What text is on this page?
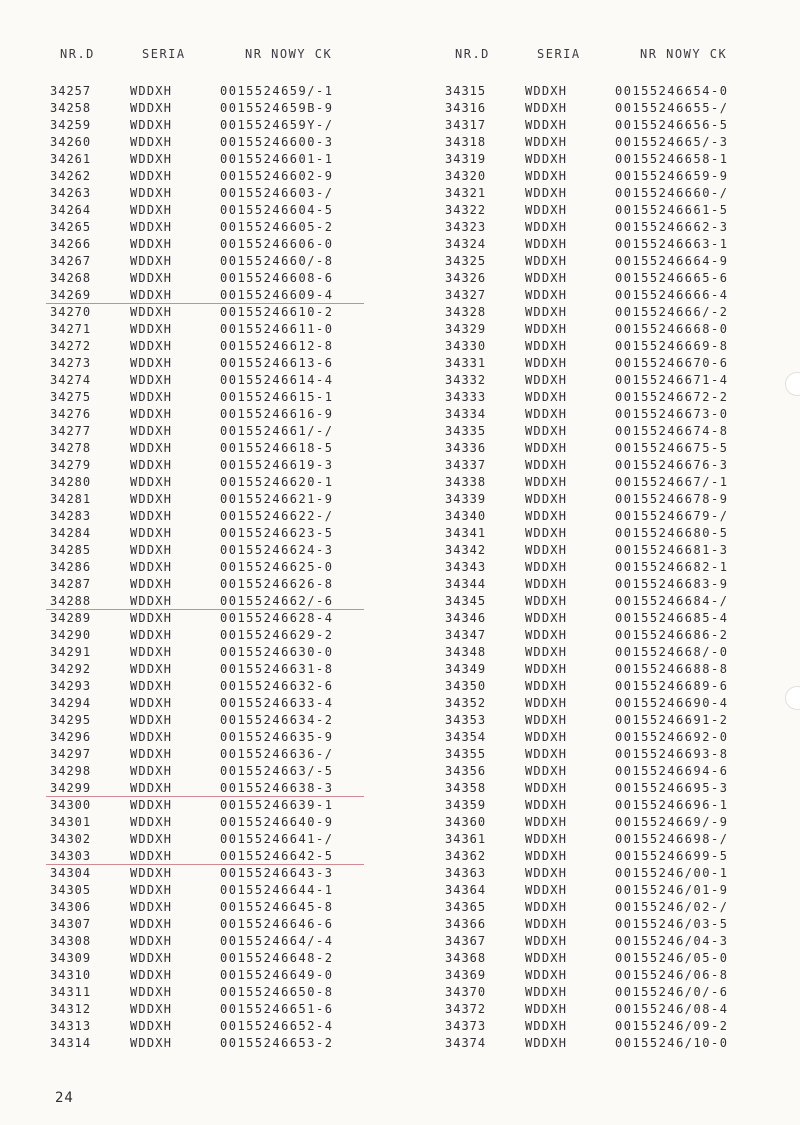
NR.D	SERIA	NR NOWY CK
34257	WDDXH	0015524659/-1
34258	WDDXH	0015524659B-9
34259	WDDXH	0015524659Y-/
34260	WDDXH	00155246600-3
34261	WDDXH	00155246601-1
34262	WDDXH	00155246602-9
34263	WDDXH	00155246603-/
34264	WDDXH	00155246604-5
34265	WDDXH	00155246605-2
34266	WDDXH	00155246606-0
34267	WDDXH	0015524660/-8
34268	WDDXH	00155246608-6
34269	WDDXH	00155246609-4
34270	WDDXH	00155246610-2
34271	WDDXH	00155246611-0
34272	WDDXH	00155246612-8
34273	WDDXH	00155246613-6
34274	WDDXH	00155246614-4
34275	WDDXH	00155246615-1
34276	WDDXH	00155246616-9
34277	WDDXH	0015524661/-/
34278	WDDXH	00155246618-5
34279	WDDXH	00155246619-3
34280	WDDXH	00155246620-1
34281	WDDXH	00155246621-9
34283	WDDXH	00155246622-/
34284	WDDXH	00155246623-5
34285	WDDXH	00155246624-3
34286	WDDXH	00155246625-0
34287	WDDXH	00155246626-8
34288	WDDXH	0015524662/-6
34289	WDDXH	00155246628-4
34290	WDDXH	00155246629-2
34291	WDDXH	00155246630-0
34292	WDDXH	00155246631-8
34293	WDDXH	00155246632-6
34294	WDDXH	00155246633-4
34295	WDDXH	00155246634-2
34296	WDDXH	00155246635-9
34297	WDDXH	00155246636-/
34298	WDDXH	0015524663/-5
34299	WDDXH	00155246638-3
34300	WDDXH	00155246639-1
34301	WDDXH	00155246640-9
34302	WDDXH	00155246641-/
34303	WDDXH	00155246642-5
34304	WDDXH	00155246643-3
34305	WDDXH	00155246644-1
34306	WDDXH	00155246645-8
34307	WDDXH	00155246646-6
34308	WDDXH	0015524664/-4
34309	WDDXH	00155246648-2
34310	WDDXH	00155246649-0
34311	WDDXH	00155246650-8
34312	WDDXH	00155246651-6
34313	WDDXH	00155246652-4
34314	WDDXH	00155246653-2
NR.D	SERIA	NR NOWY CK
34315	WDDXH	00155246654-0
34316	WDDXH	00155246655-/
34317	WDDXH	00155246656-5
34318	WDDXH	0015524665/-3
34319	WDDXH	00155246658-1
34320	WDDXH	00155246659-9
34321	WDDXH	00155246660-/
34322	WDDXH	00155246661-5
34323	WDDXH	00155246662-3
34324	WDDXH	00155246663-1
34325	WDDXH	00155246664-9
34326	WDDXH	00155246665-6
34327	WDDXH	00155246666-4
34328	WDDXH	0015524666/-2
34329	WDDXH	00155246668-0
34330	WDDXH	00155246669-8
34331	WDDXH	00155246670-6
34332	WDDXH	00155246671-4
34333	WDDXH	00155246672-2
34334	WDDXH	00155246673-0
34335	WDDXH	00155246674-8
34336	WDDXH	00155246675-5
34337	WDDXH	00155246676-3
34338	WDDXH	0015524667/-1
34339	WDDXH	00155246678-9
34340	WDDXH	00155246679-/
34341	WDDXH	00155246680-5
34342	WDDXH	00155246681-3
34343	WDDXH	00155246682-1
34344	WDDXH	00155246683-9
34345	WDDXH	00155246684-/
34346	WDDXH	00155246685-4
34347	WDDXH	00155246686-2
34348	WDDXH	0015524668/-0
34349	WDDXH	00155246688-8
34350	WDDXH	00155246689-6
34352	WDDXH	00155246690-4
34353	WDDXH	00155246691-2
34354	WDDXH	00155246692-0
34355	WDDXH	00155246693-8
34356	WDDXH	00155246694-6
34358	WDDXH	00155246695-3
34359	WDDXH	00155246696-1
34360	WDDXH	0015524669/-9
34361	WDDXH	00155246698-/
34362	WDDXH	00155246699-5
34363	WDDXH	00155246/00-1
34364	WDDXH	00155246/01-9
34365	WDDXH	00155246/02-/
34366	WDDXH	00155246/03-5
34367	WDDXH	00155246/04-3
34368	WDDXH	00155246/05-0
34369	WDDXH	00155246/06-8
34370	WDDXH	00155246/0/-6
34372	WDDXH	00155246/08-4
34373	WDDXH	00155246/09-2
34374	WDDXH	00155246/10-0
24
